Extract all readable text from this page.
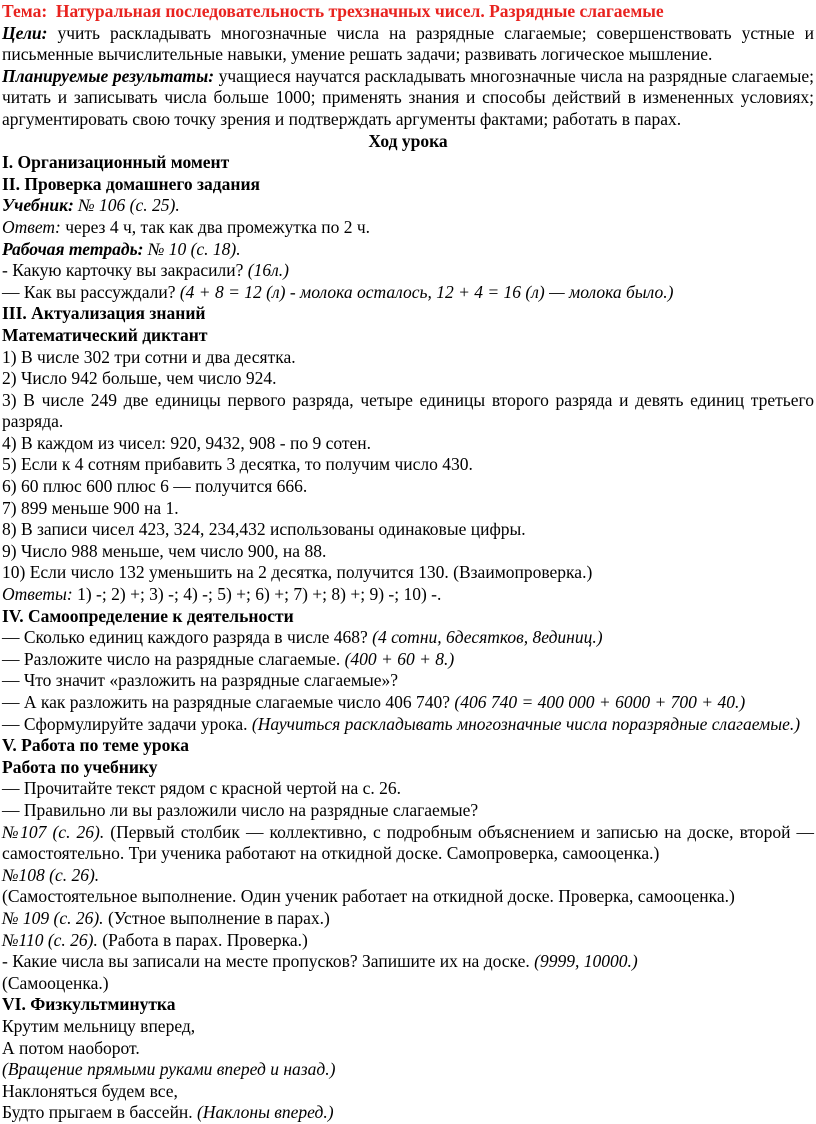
Тема: Натуральная последовательность трехзначных чисел. Разрядные слагаемые

Цели: учить раскладывать многозначные числа на разрядные слагаемые; совершенствовать устные и письменные вычислительные навыки, умение решать задачи; развивать логическое мышление.

Планируемые результаты: учащиеся научатся раскладывать многозначные числа на разрядные слагаемые; читать и записывать числа больше 1000; применять знания и способы действий в измененных условиях; аргументировать свою точку зрения и подтверждать аргументы фактами; работать в парах.

Ход урока

I. Организационный момент

II. Проверка домашнего задания

Учебник: № 106 (с. 25).

Ответ: через 4 ч, так как два промежутка по 2 ч.

Рабочая тетрадь: № 10 (с. 18).

- Какую карточку вы закрасили? (16л.)

— Как вы рассуждали? (4 + 8 = 12 (л) - молока осталось, 12 + 4 = 16 (л) — молока было.)

III. Актуализация знаний

Математический диктант

1) В числе 302 три сотни и два десятка.

2) Число 942 больше, чем число 924.

3) В числе 249 две единицы первого разряда, четыре единицы второго разряда и девять единиц третьего разряда.

4) В каждом из чисел: 920, 9432, 908 - по 9 сотен.

5) Если к 4 сотням прибавить 3 десятка, то получим число 430.

6) 60 плюс 600 плюс 6 — получится 666.

7) 899 меньше 900 на 1.

8) В записи чисел 423, 324, 234,432 использованы одинаковые цифры.

9) Число 988 меньше, чем число 900, на 88.

10) Если число 132 уменьшить на 2 десятка, получится 130. (Взаимопроверка.)

Ответы: 1) -; 2) +; 3) -; 4) -; 5) +; 6) +; 7) +; 8) +; 9) -; 10) -.

IV. Самоопределение к деятельности

— Сколько единиц каждого разряда в числе 468? (4 сотни, 6десятков, 8единиц.)

— Разложите число на разрядные слагаемые. (400 + 60 + 8.)

— Что значит «разложить на разрядные слагаемые»?

— А как разложить на разрядные слагаемые число 406 740? (406 740 = 400 000 + 6000 + 700 + 40.)

— Сформулируйте задачи урока. (Научиться раскладывать многозначные числа поразрядные слагаемые.)

V. Работа по теме урока

Работа по учебнику

— Прочитайте текст рядом с красной чертой на с. 26.

— Правильно ли вы разложили число на разрядные слагаемые?

№107 (с. 26). (Первый столбик — коллективно, с подробным объяснением и записью на доске, второй — самостоятельно. Три ученика работают на откидной доске. Самопроверка, самооценка.)

№108 (с. 26).

(Самостоятельное выполнение. Один ученик работает на откидной доске. Проверка, самооценка.)

№ 109 (с. 26). (Устное выполнение в парах.)

№110 (с. 26). (Работа в парах. Проверка.)

- Какие числа вы записали на месте пропусков? Запишите их на доске. (9999, 10000.)

(Самооценка.)

VI. Физкультминутка

Крутим мельницу вперед,

А потом наоборот.

(Вращение прямыми руками вперед и назад.)

Наклоняться будем все,

Будто прыгаем в бассейн. (Наклоны вперед.)
